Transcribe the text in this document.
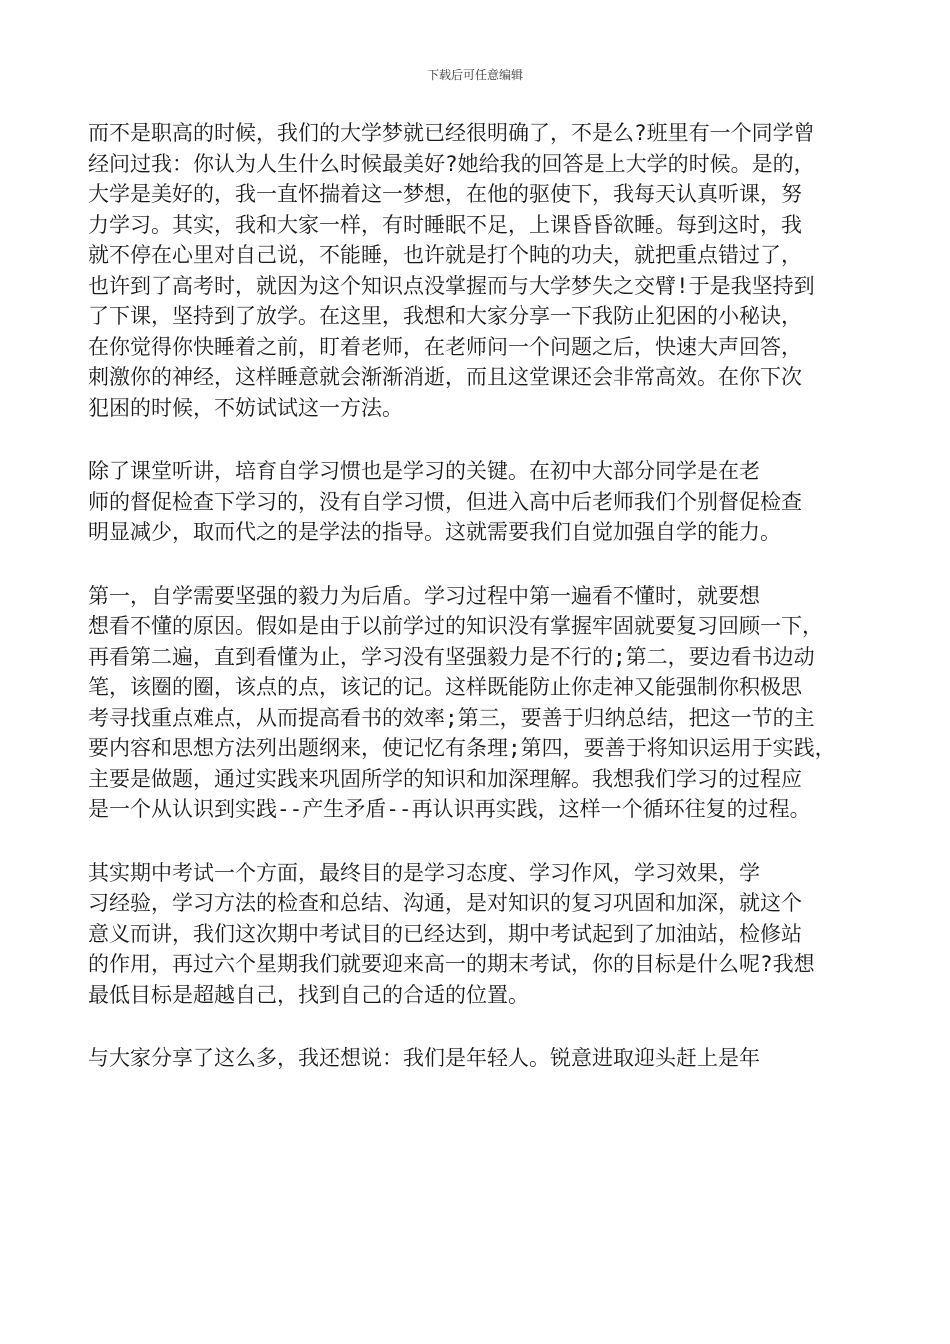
下载后可任意编辑
而不是职高的时候，我们的大学梦就已经很明确了，不是么?班里有一个同学曾
经问过我：你认为人生什么时候最美好?她给我的回答是上大学的时候。是的，
大学是美好的，我一直怀揣着这一梦想，在他的驱使下，我每天认真听课，努
力学习。其实，我和大家一样，有时睡眠不足，上课昏昏欲睡。每到这时，我
就不停在心里对自己说，不能睡，也许就是打个盹的功夫，就把重点错过了，
也许到了高考时，就因为这个知识点没掌握而与大学梦失之交臂!于是我坚持到
了下课，坚持到了放学。在这里，我想和大家分享一下我防止犯困的小秘诀，
在你觉得你快睡着之前，盯着老师，在老师问一个问题之后，快速大声回答，
刺激你的神经，这样睡意就会渐渐消逝，而且这堂课还会非常高效。在你下次
犯困的时候，不妨试试这一方法。
除了课堂听讲，培育自学习惯也是学习的关键。在初中大部分同学是在老
师的督促检查下学习的，没有自学习惯，但进入高中后老师我们个别督促检查
明显减少，取而代之的是学法的指导。这就需要我们自觉加强自学的能力。
第一，自学需要坚强的毅力为后盾。学习过程中第一遍看不懂时，就要想
想看不懂的原因。假如是由于以前学过的知识没有掌握牢固就要复习回顾一下，
再看第二遍，直到看懂为止，学习没有坚强毅力是不行的;第二，要边看书边动
笔，该圈的圈，该点的点，该记的记。这样既能防止你走神又能强制你积极思
考寻找重点难点，从而提高看书的效率;第三，要善于归纳总结，把这一节的主
要内容和思想方法列出题纲来，使记忆有条理;第四，要善于将知识运用于实践，
主要是做题，通过实践来巩固所学的知识和加深理解。我想我们学习的过程应
是一个从认识到实践--产生矛盾--再认识再实践，这样一个循环往复的过程。
其实期中考试一个方面，最终目的是学习态度、学习作风，学习效果，学
习经验，学习方法的检查和总结、沟通，是对知识的复习巩固和加深，就这个
意义而讲，我们这次期中考试目的已经达到，期中考试起到了加油站，检修站
的作用，再过六个星期我们就要迎来高一的期末考试，你的目标是什么呢?我想
最低目标是超越自己，找到自己的合适的位置。
与大家分享了这么多，我还想说：我们是年轻人。锐意进取迎头赶上是年
